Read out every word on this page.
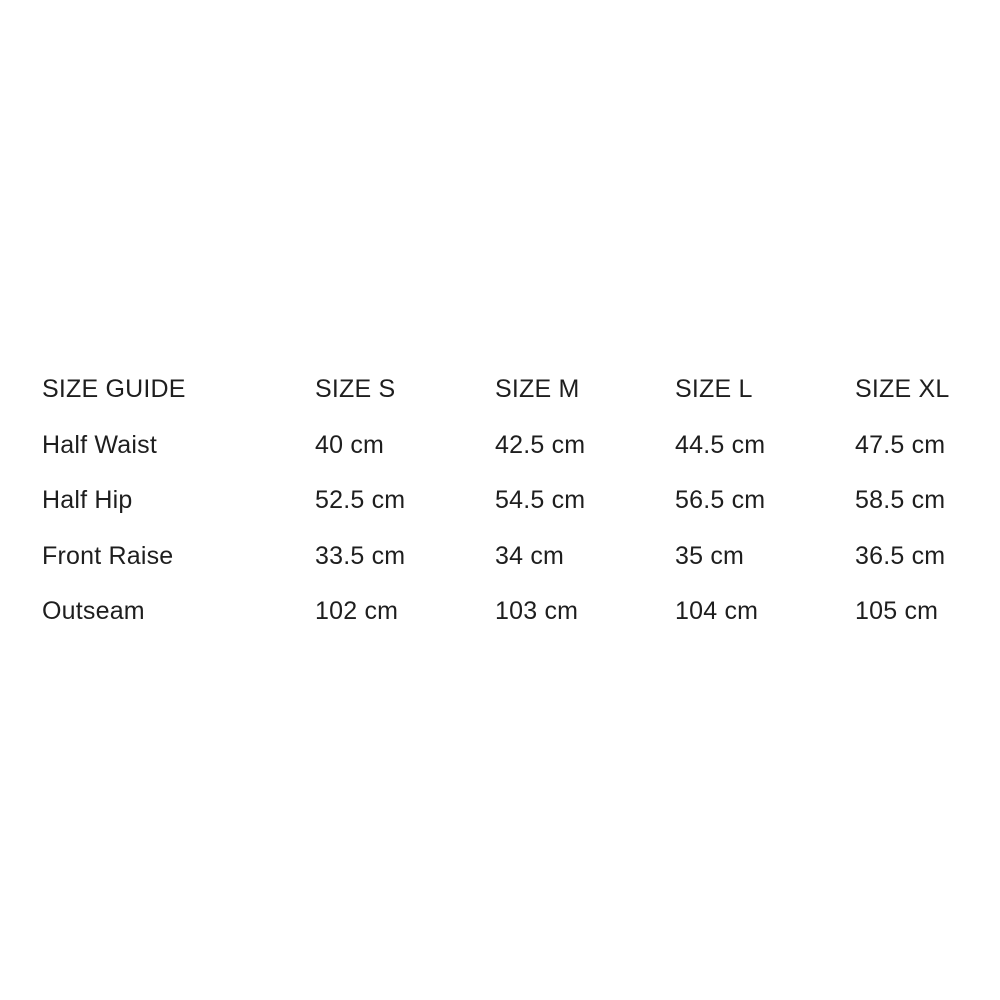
SIZE GUIDE	SIZE S	SIZE M	SIZE L	SIZE XL
Half Waist	40 cm	42.5 cm	44.5 cm	47.5 cm
Half Hip	52.5 cm	54.5 cm	56.5 cm	58.5 cm
Front Raise	33.5 cm	34 cm	35 cm	36.5 cm
Outseam	102 cm	103 cm	104 cm	105 cm
